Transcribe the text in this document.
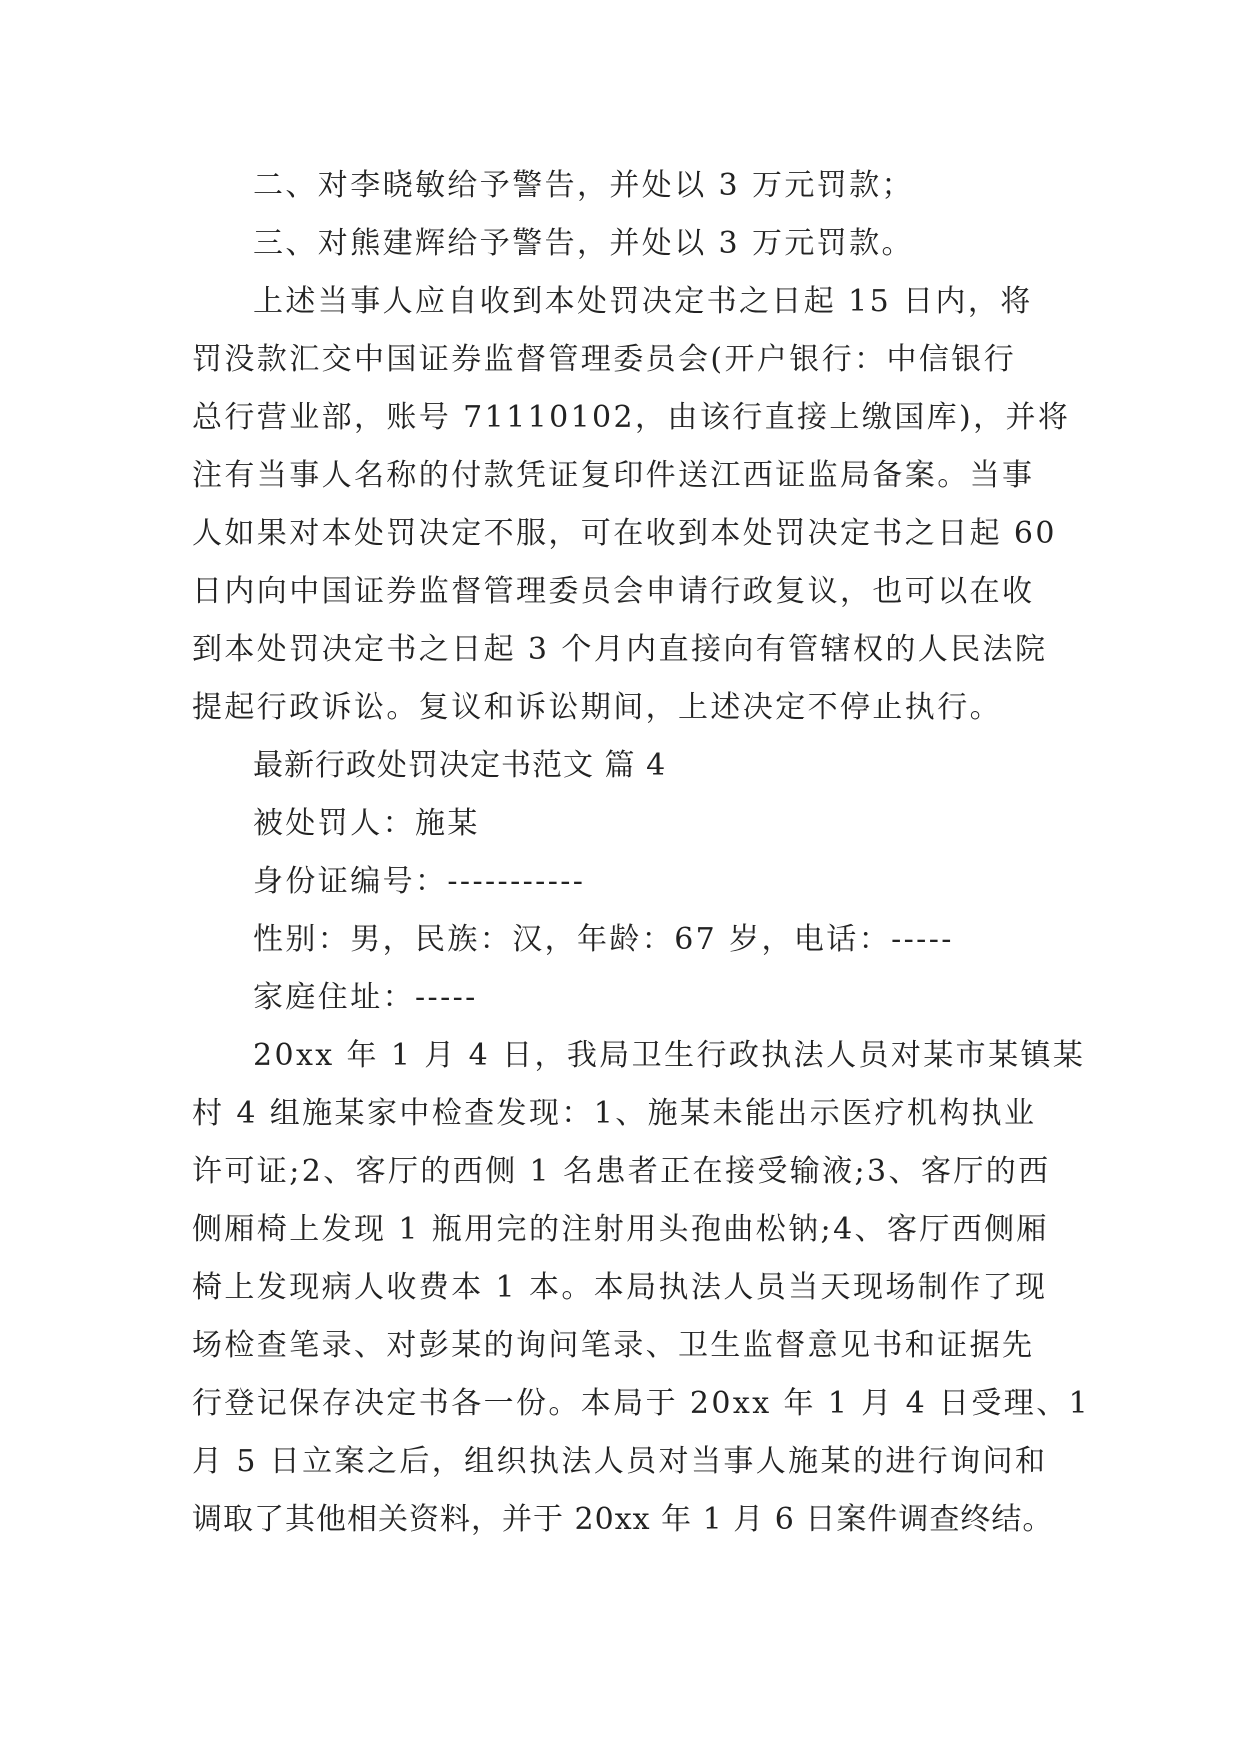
二、对李晓敏给予警告，并处以 3 万元罚款；
三、对熊建辉给予警告，并处以 3 万元罚款。
上述当事人应自收到本处罚决定书之日起 15 日内，将
罚没款汇交中国证券监督管理委员会(开户银行：中信银行
总行营业部，账号 71110102，由该行直接上缴国库)，并将
注有当事人名称的付款凭证复印件送江西证监局备案。当事
人如果对本处罚决定不服，可在收到本处罚决定书之日起 60
日内向中国证券监督管理委员会申请行政复议，也可以在收
到本处罚决定书之日起 3 个月内直接向有管辖权的人民法院
提起行政诉讼。复议和诉讼期间，上述决定不停止执行。
最新行政处罚决定书范文 篇 4
被处罚人：施某
身份证编号：-----------
性别：男，民族：汉，年龄：67 岁，电话：-----
家庭住址：-----
20xx 年 1 月 4 日，我局卫生行政执法人员对某市某镇某
村 4 组施某家中检查发现：1、施某未能出示医疗机构执业
许可证;2、客厅的西侧 1 名患者正在接受输液;3、客厅的西
侧厢椅上发现 1 瓶用完的注射用头孢曲松钠;4、客厅西侧厢
椅上发现病人收费本 1 本。本局执法人员当天现场制作了现
场检查笔录、对彭某的询问笔录、卫生监督意见书和证据先
行登记保存决定书各一份。本局于 20xx 年 1 月 4 日受理、1
月 5 日立案之后，组织执法人员对当事人施某的进行询问和
调取了其他相关资料，并于 20xx 年 1 月 6 日案件调查终结。
